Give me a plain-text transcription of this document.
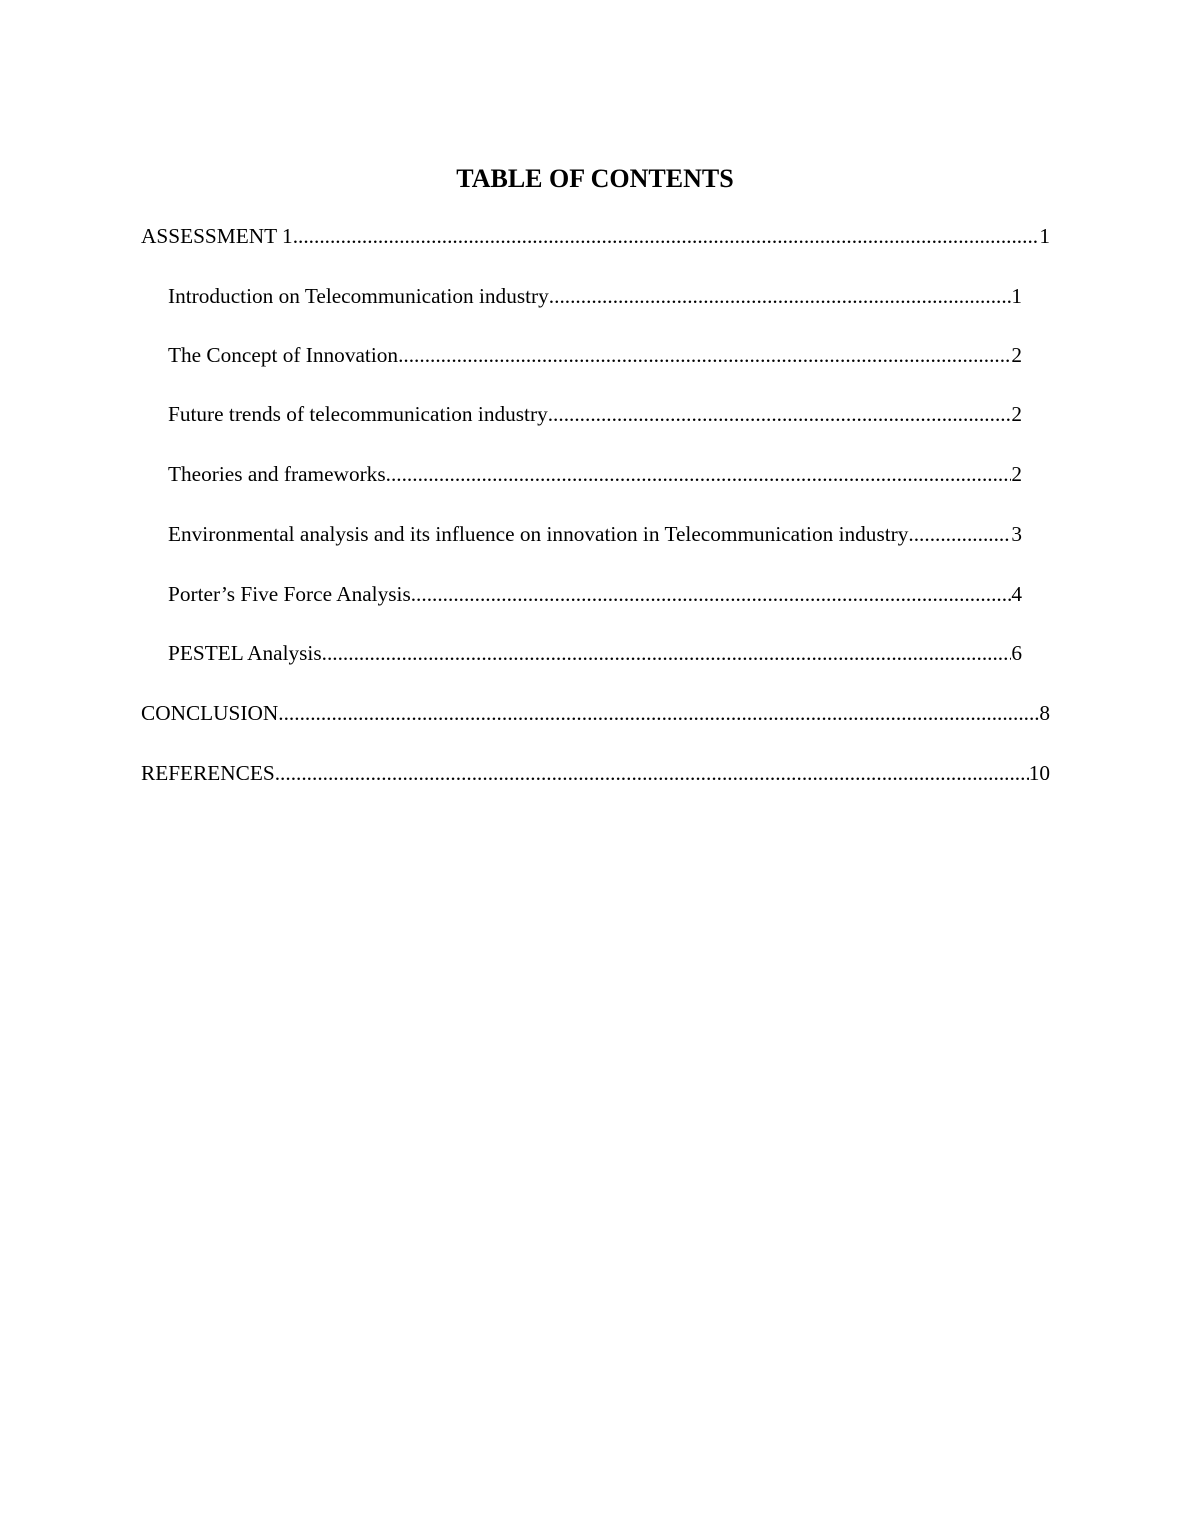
TABLE OF CONTENTS
ASSESSMENT 1 .....	1
Introduction on Telecommunication industry .....	1
The Concept of Innovation .....	2
Future trends of telecommunication industry .....	2
Theories and frameworks .....	2
Environmental analysis and its influence on innovation in Telecommunication industry .....	3
Porter’s Five Force Analysis .....	4
PESTEL Analysis .....	6
CONCLUSION .....	8
REFERENCES .....	10
